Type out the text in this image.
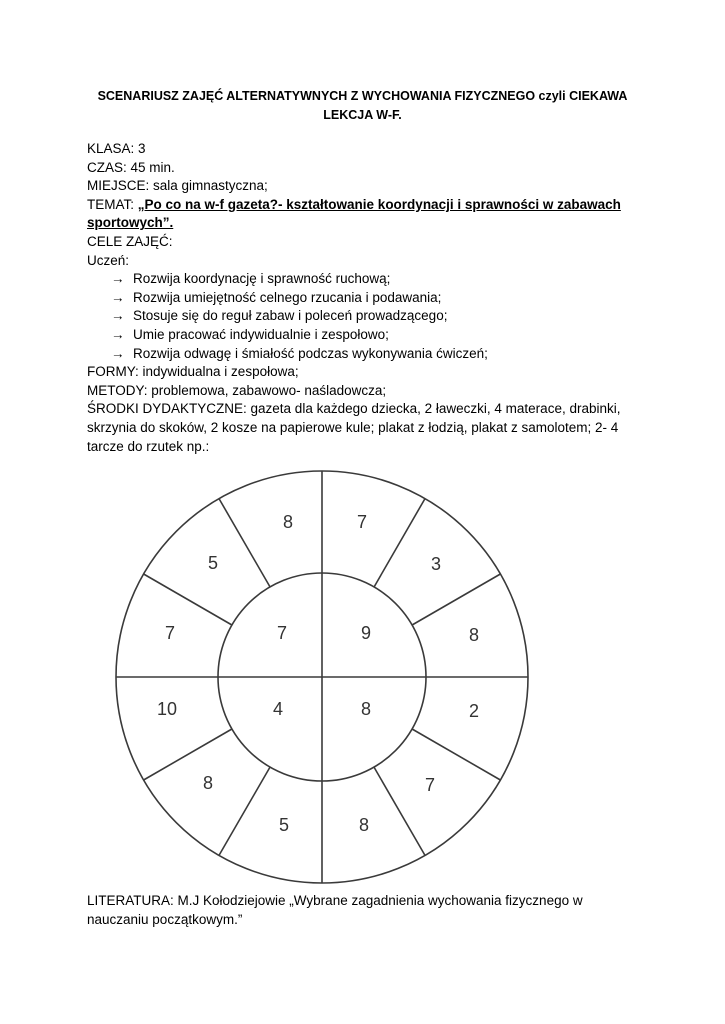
SCENARIUSZ ZAJĘĆ ALTERNATYWNYCH Z WYCHOWANIA FIZYCZNEGO czyli CIEKAWA LEKCJA W-F.
KLASA: 3
CZAS: 45 min.
MIEJSCE: sala gimnastyczna;
TEMAT: „Po co na w-f gazeta?- kształtowanie koordynacji i sprawności w zabawach sportowych”.
CELE ZAJĘĆ:
Uczeń:
→ Rozwija koordynację i sprawność ruchową;
→ Rozwija umiejętność celnego rzucania i podawania;
→ Stosuje się do reguł zabaw i poleceń prowadzącego;
→ Umie pracować indywidualnie i zespołowo;
→ Rozwija odwagę i śmiałość podczas wykonywania ćwiczeń;
FORMY: indywidualna i zespołowa;
METODY: problemowa, zabawowo- naśladowcza;
ŚRODKI DYDAKTYCZNE: gazeta dla każdego dziecka, 2 ławeczki, 4 materace, drabinki, skrzynia do skoków, 2 kosze na papierowe kule; plakat z łodzią, plakat z samolotem; 2- 4 tarcze do rzutek np.:
9
8
4
7
7
3
8
2
7
8
5
8
10
7
5
8
LITERATURA: M.J Kołodziejowie „Wybrane zagadnienia wychowania fizycznego w nauczaniu początkowym.”
